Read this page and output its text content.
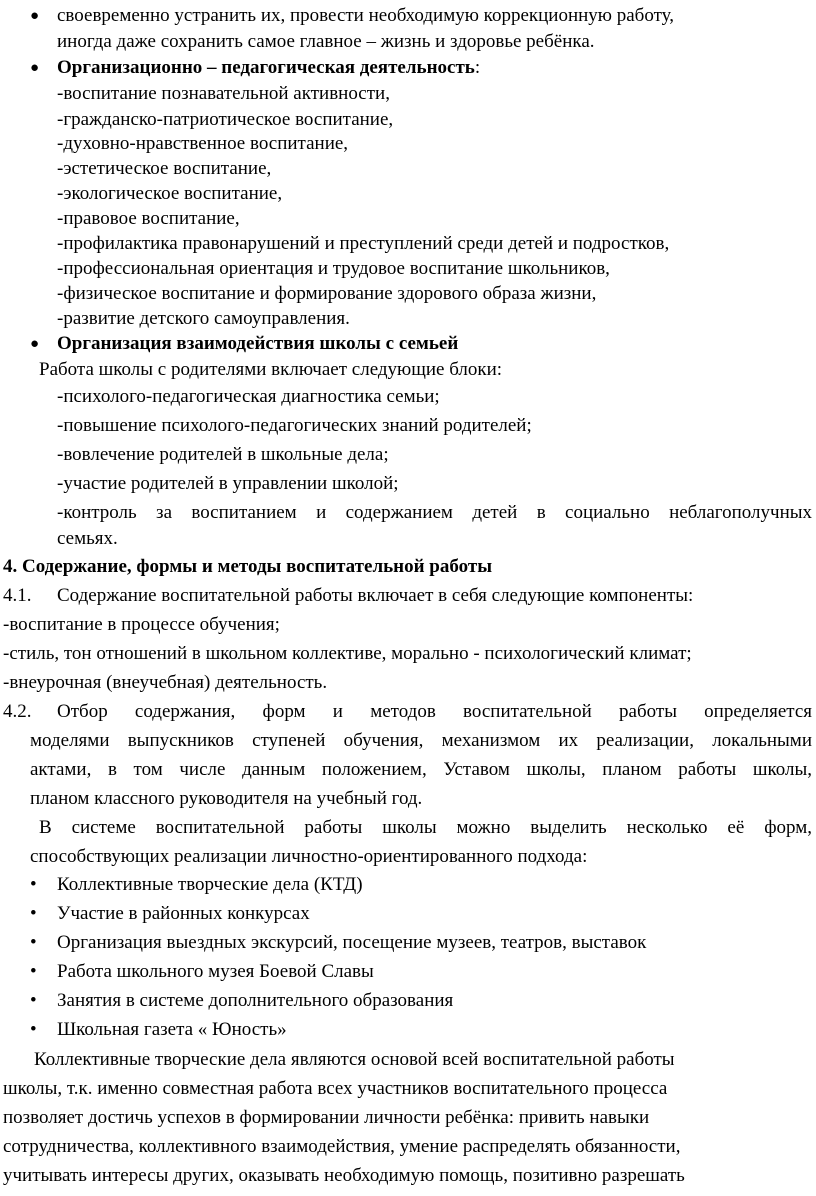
● своевременно устранить их, провести необходимую коррекционную работу,
иногда даже сохранить самое главное – жизнь и здоровье ребёнка.
● Организационно – педагогическая деятельность:
-воспитание познавательной активности,
-гражданско-патриотическое воспитание,
-духовно-нравственное воспитание,
-эстетическое воспитание,
-экологическое воспитание,
-правовое воспитание,
-профилактика правонарушений и преступлений среди детей и подростков,
-профессиональная ориентация и трудовое воспитание школьников,
-физическое воспитание и формирование здорового образа жизни,
-развитие детского самоуправления.
● Организация взаимодействия школы с семьей
Работа школы с родителями включает следующие блоки:
-психолого-педагогическая диагностика семьи;
-повышение психолого-педагогических знаний родителей;
-вовлечение родителей в школьные дела;
-участие родителей в управлении школой;
-контроль за воспитанием и содержанием детей в социально неблагополучных
семьях.
4. Содержание, формы и методы воспитательной работы
4.1. Содержание воспитательной работы включает в себя следующие компоненты:
-воспитание в процессе обучения;
-стиль, тон отношений в школьном коллективе, морально - психологический климат;
-внеурочная (внеучебная) деятельность.
4.2. Отбор содержания, форм и методов воспитательной работы определяется
моделями выпускников ступеней обучения, механизмом их реализации, локальными
актами, в том числе данным положением, Уставом школы, планом работы школы,
планом классного руководителя на учебный год.
В системе воспитательной работы школы можно выделить несколько её форм,
способствующих реализации личностно-ориентированного подхода:
• Коллективные творческие дела (КТД)
• Участие в районных конкурсах
• Организация выездных экскурсий, посещение музеев, театров, выставок
• Работа школьного музея Боевой Славы
• Занятия в системе дополнительного образования
• Школьная газета « Юность»
Коллективные творческие дела являются основой всей воспитательной работы
школы, т.к. именно совместная работа всех участников воспитательного процесса
позволяет достичь успехов в формировании личности ребёнка: привить навыки
сотрудничества, коллективного взаимодействия, умение распределять обязанности,
учитывать интересы других, оказывать необходимую помощь, позитивно разрешать
